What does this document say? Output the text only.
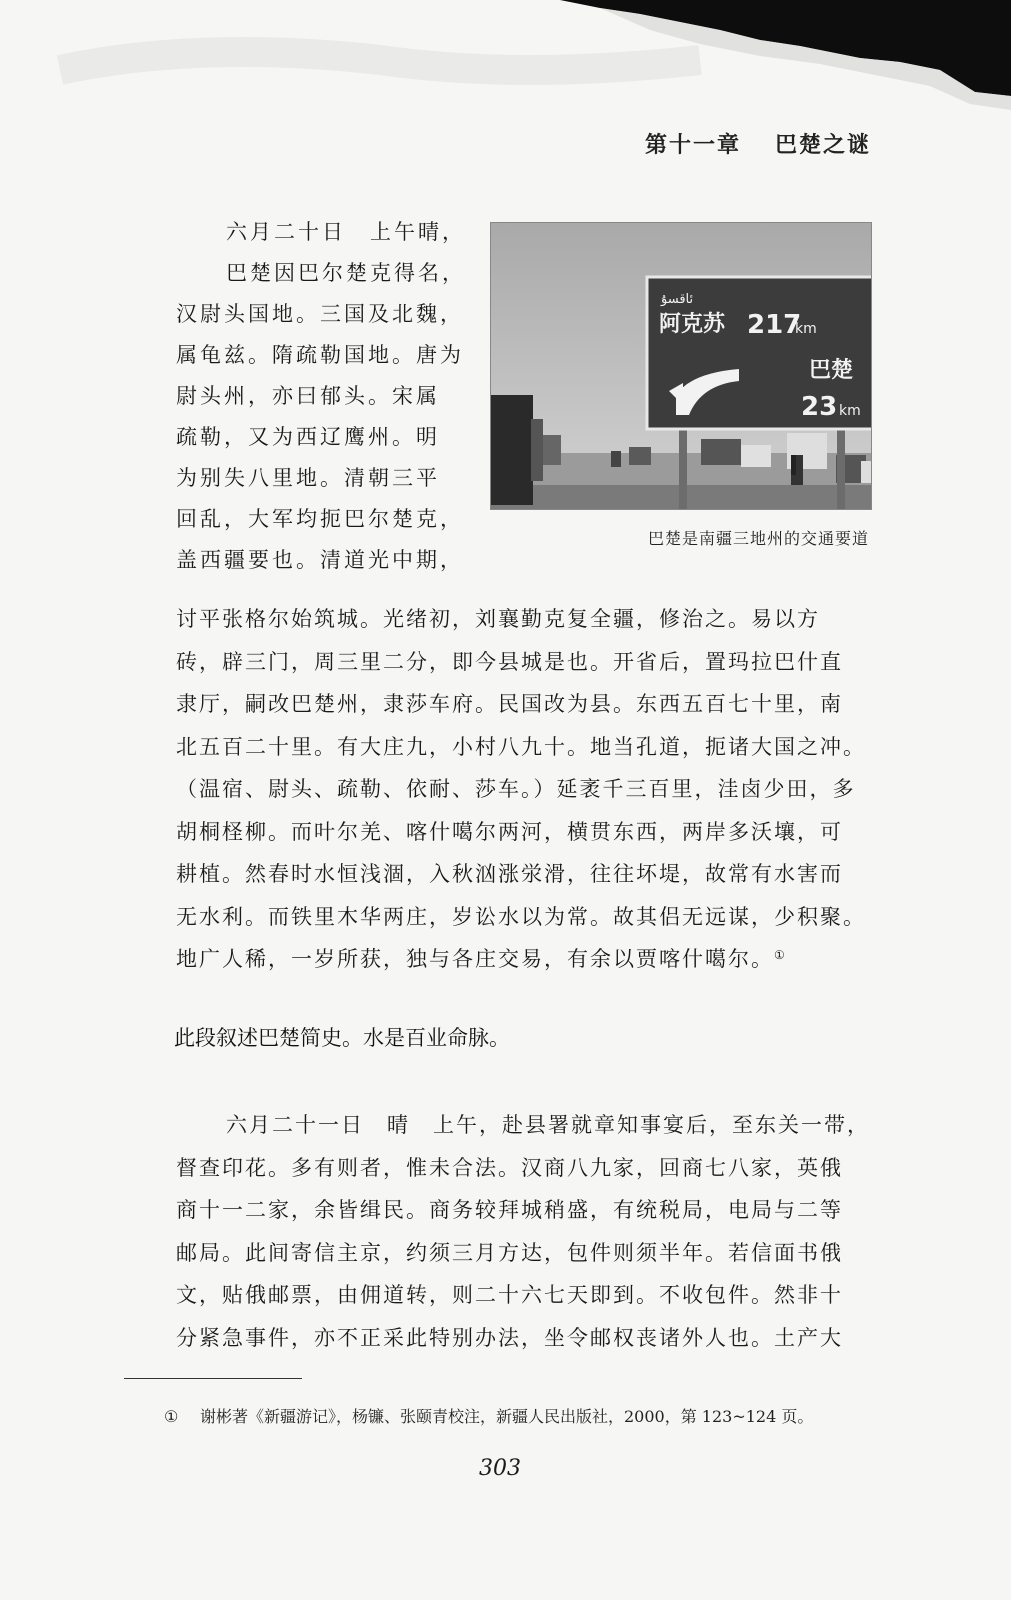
第十一章 巴楚之谜
六月二十日　上午晴，
巴楚因巴尔楚克得名，
汉尉头国地。三国及北魏，
属龟兹。隋疏勒国地。唐为
尉头州，亦曰郁头。宋属
疏勒，又为西辽鹰州。明
为别失八里地。清朝三平
回乱，大军均扼巴尔楚克，
盖西疆要也。清道光中期，
ئاقسۇ
阿克苏 217
km
巴楚
23 km
巴楚是南疆三地州的交通要道
讨平张格尔始筑城。光绪初，刘襄勤克复全疆，修治之。易以方
砖，辟三门，周三里二分，即今县城是也。开省后，置玛拉巴什直
隶厅，嗣改巴楚州，隶莎车府。民国改为县。东西五百七十里，南
北五百二十里。有大庄九，小村八九十。地当孔道，扼诸大国之冲。
（温宿、尉头、疏勒、依耐、莎车。）延袤千三百里，洼卤少田，多
胡桐柽柳。而叶尔羌、喀什噶尔两河，横贯东西，两岸多沃壤，可
耕植。然春时水恒浅涸，入秋汹涨泶滑，往往坏堤，故常有水害而
无水利。而铁里木华两庄，岁讼水以为常。故其侣无远谋，少积聚。
地广人稀，一岁所获，独与各庄交易，有余以贾喀什噶尔。①
此段叙述巴楚简史。水是百业命脉。
六月二十一日　晴　上午，赴县署就章知事宴后，至东关一带，
督查印花。多有则者，惟未合法。汉商八九家，回商七八家，英俄
商十一二家，余皆缉民。商务较拜城稍盛，有统税局，电局与二等
邮局。此间寄信主京，约须三月方达，包件则须半年。若信面书俄
文，贴俄邮票，由佣道转，则二十六七天即到。不收包件。然非十
分紧急事件，亦不正采此特别办法，坐令邮权丧诸外人也。土产大
① 谢彬著《新疆游记》，杨镰、张颐青校注，新疆人民出版社，2000，第 123~124 页。
303
